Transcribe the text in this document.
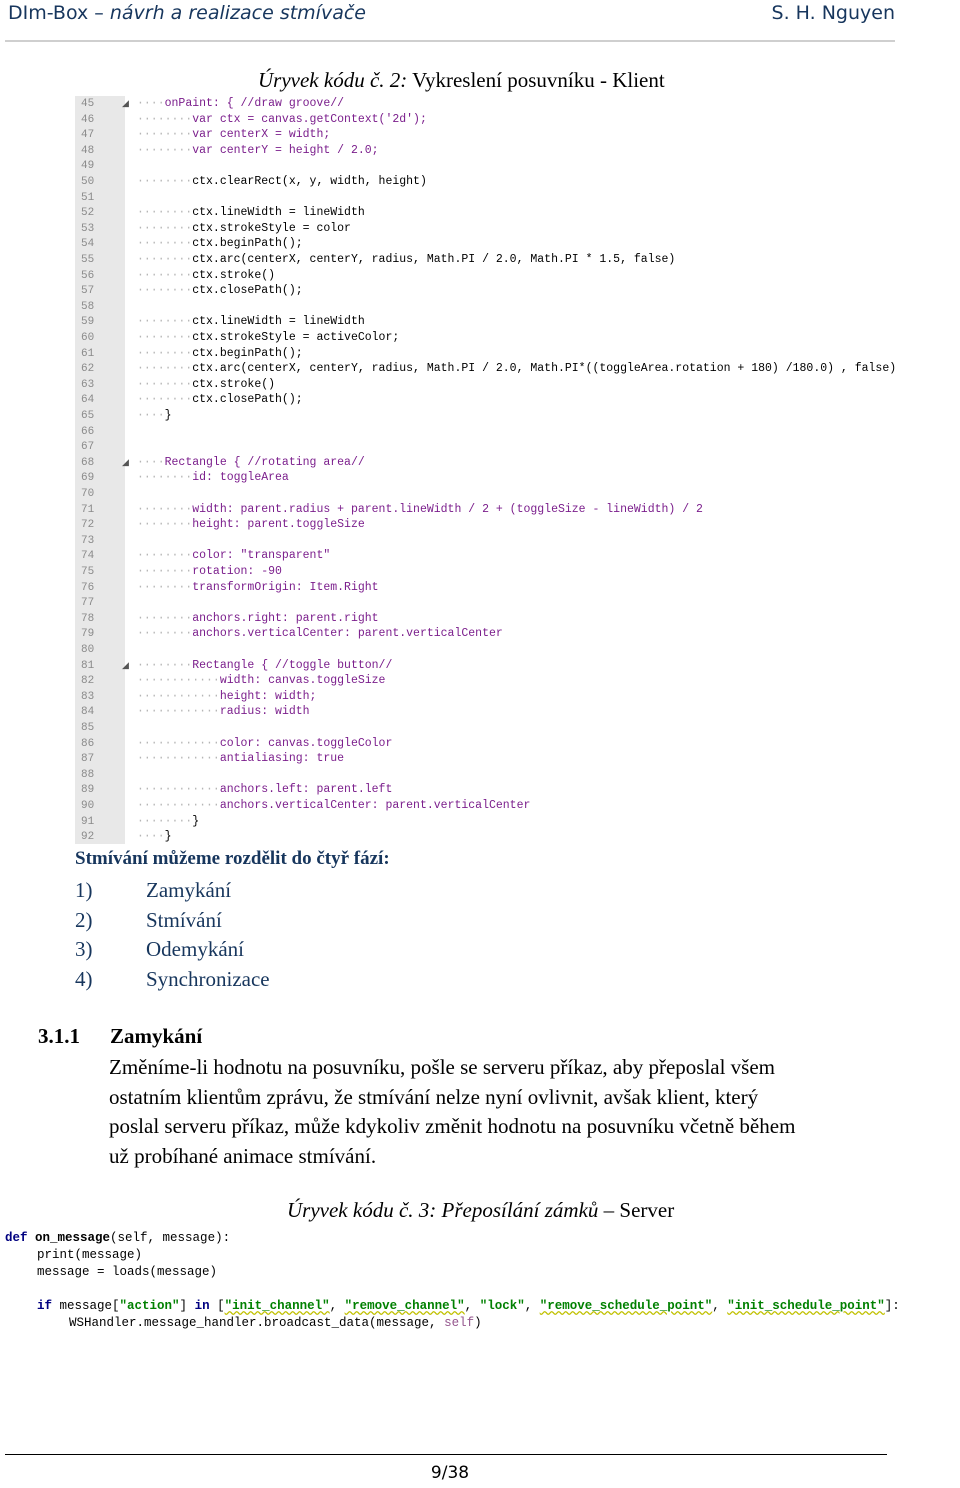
DIm-Box – návrh a realizace stmívače	S. H. Nguyen
Úryvek kódu č. 2: Vykreslení posuvníku - Klient
45	◢ ····onPaint: { //draw groove//
46	········var ctx = canvas.getContext('2d');
47	········var centerX = width;
48	········var centerY = height / 2.0;
49
50	········ctx.clearRect(x, y, width, height)
51
52	········ctx.lineWidth = lineWidth
53	········ctx.strokeStyle = color
54	········ctx.beginPath();
55	········ctx.arc(centerX, centerY, radius, Math.PI / 2.0, Math.PI * 1.5, false)
56	········ctx.stroke()
57	········ctx.closePath();
58
59	········ctx.lineWidth = lineWidth
60	········ctx.strokeStyle = activeColor;
61	········ctx.beginPath();
62	········ctx.arc(centerX, centerY, radius, Math.PI / 2.0, Math.PI*((toggleArea.rotation + 180) /180.0) , false)
63	········ctx.stroke()
64	········ctx.closePath();
65	····}
66
67
68	◢ ····Rectangle { //rotating area//
69	········id: toggleArea
70
71	········width: parent.radius + parent.lineWidth / 2 + (toggleSize - lineWidth) / 2
72	········height: parent.toggleSize
73
74	········color: "transparent"
75	········rotation: -90
76	········transformOrigin: Item.Right
77
78	········anchors.right: parent.right
79	········anchors.verticalCenter: parent.verticalCenter
80
81	◢ ········Rectangle { //toggle button//
82	············width: canvas.toggleSize
83	············height: width;
84	············radius: width
85
86	············color: canvas.toggleColor
87	············antialiasing: true
88
89	············anchors.left: parent.left
90	············anchors.verticalCenter: parent.verticalCenter
91	········}
92	····}
Stmívání můžeme rozdělit do čtyř fází:
1)	Zamykání
2)	Stmívání
3)	Odemykání
4)	Synchronizace
3.1.1 Zamykání
Změníme-li hodnotu na posuvníku, pošle se serveru příkaz, aby přeposlal všem
ostatním klientům zprávu, že stmívání nelze nyní ovlivnit, avšak klient, který
poslal serveru příkaz, může kdykoliv změnit hodnotu na posuvníku včetně během
už probíhané animace stmívání.
Úryvek kódu č. 3: Přeposílání zámků – Server
def on_message(self, message):
print(message)
message = loads(message)
if message["action"] in ["init_channel", "remove_channel", "lock", "remove_schedule_point", "init_schedule_point"]:
WSHandler.message_handler.broadcast_data(message, self)
9/38
